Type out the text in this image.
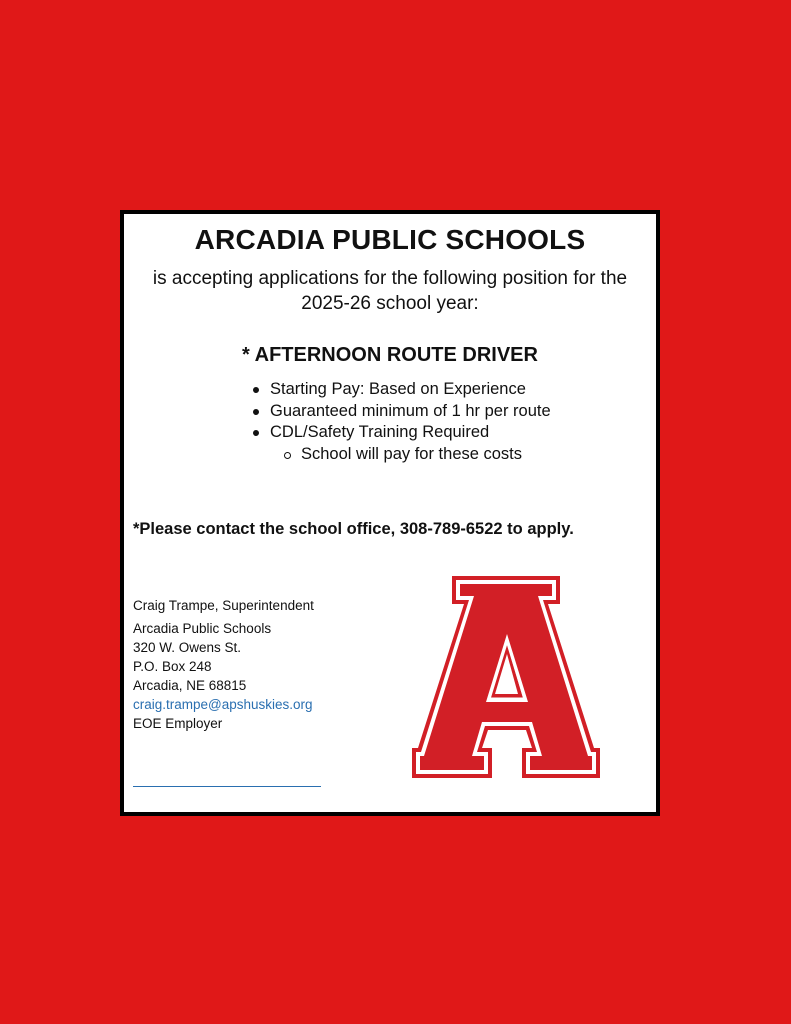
ARCADIA PUBLIC SCHOOLS
is accepting applications for the following position for the 2025-26 school year:
* AFTERNOON ROUTE DRIVER
Starting Pay: Based on Experience
Guaranteed minimum of 1 hr per route
CDL/Safety Training Required
School will pay for these costs
*Please contact the school office, 308-789-6522 to apply.
Craig Trampe, Superintendent
Arcadia Public Schools
320 W. Owens St.
P.O. Box 248
Arcadia, NE 68815
craig.trampe@apshuskies.org
EOE Employer
